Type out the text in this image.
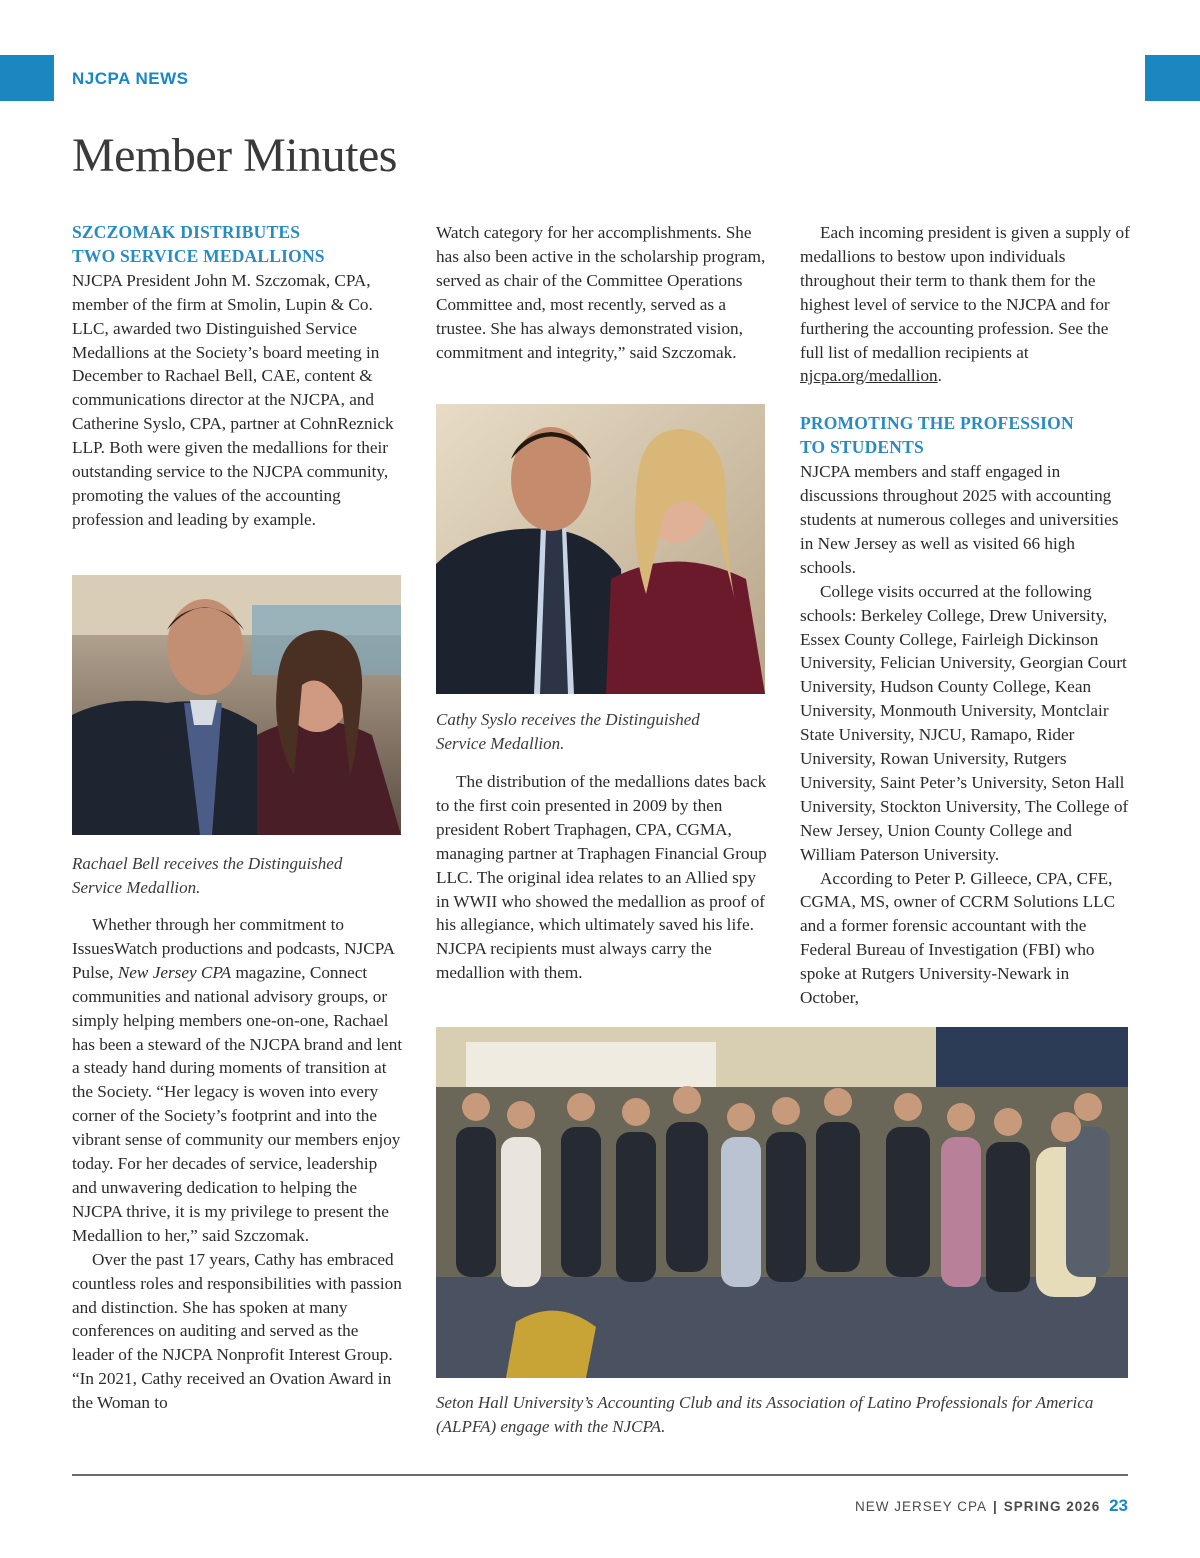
NJCPA NEWS
Member Minutes
SZCZOMAK DISTRIBUTES
TWO SERVICE MEDALLIONS

NJCPA President John M. Szczomak, CPA, member of the firm at Smolin, Lupin & Co. LLC, awarded two Distinguished Service Medallions at the Society’s board meeting in December to Rachael Bell, CAE, content & communications director at the NJCPA, and Catherine Syslo, CPA, partner at CohnReznick LLP. Both were given the medallions for their outstanding service to the NJCPA community, promoting the values of the accounting profession and leading by example.

Rachael Bell receives the Distinguished Service Medallion.

Whether through her commitment to IssuesWatch productions and podcasts, NJCPA Pulse, New Jersey CPA magazine, Connect communities and national advisory groups, or simply helping members one-on-one, Rachael has been a steward of the NJCPA brand and lent a steady hand during moments of transition at the Society. “Her legacy is woven into every corner of the Society’s footprint and into the vibrant sense of community our members enjoy today. For her decades of service, leadership and unwavering dedication to helping the NJCPA thrive, it is my privilege to present the Medallion to her,” said Szczomak.

Over the past 17 years, Cathy has embraced countless roles and responsibilities with passion and distinction. She has spoken at many conferences on auditing and served as the leader of the NJCPA Nonprofit Interest Group. “In 2021, Cathy received an Ovation Award in the Woman to

Watch category for her accomplishments. She has also been active in the scholarship program, served as chair of the Committee Operations Committee and, most recently, served as a trustee. She has always demonstrated vision, commitment and integrity,” said Szczomak.

Cathy Syslo receives the Distinguished Service Medallion.

The distribution of the medallions dates back to the first coin presented in 2009 by then president Robert Traphagen, CPA, CGMA, managing partner at Traphagen Financial Group LLC. The original idea relates to an Allied spy in WWII who showed the medallion as proof of his allegiance, which ultimately saved his life. NJCPA recipients must always carry the medallion with them.

Each incoming president is given a supply of medallions to bestow upon individuals throughout their term to thank them for the highest level of service to the NJCPA and for furthering the accounting profession. See the full list of medallion recipients at njcpa.org/medallion.

PROMOTING THE PROFESSION
TO STUDENTS

NJCPA members and staff engaged in discussions throughout 2025 with accounting students at numerous colleges and universities in New Jersey as well as visited 66 high schools.

College visits occurred at the following schools: Berkeley College, Drew University, Essex County College, Fairleigh Dickinson University, Felician University, Georgian Court University, Hudson County College, Kean University, Monmouth University, Montclair State University, NJCU, Ramapo, Rider University, Rowan University, Rutgers University, Saint Peter’s University, Seton Hall University, Stockton University, The College of New Jersey, Union County College and William Paterson University.

According to Peter P. Gilleece, CPA, CFE, CGMA, MS, owner of CCRM Solutions LLC and a former forensic accountant with the Federal Bureau of Investigation (FBI) who spoke at Rutgers University-Newark in October,

Seton Hall University’s Accounting Club and its Association of Latino Professionals for America (ALPFA) engage with the NJCPA.
NEW JERSEY CPA | SPRING 2026 23
